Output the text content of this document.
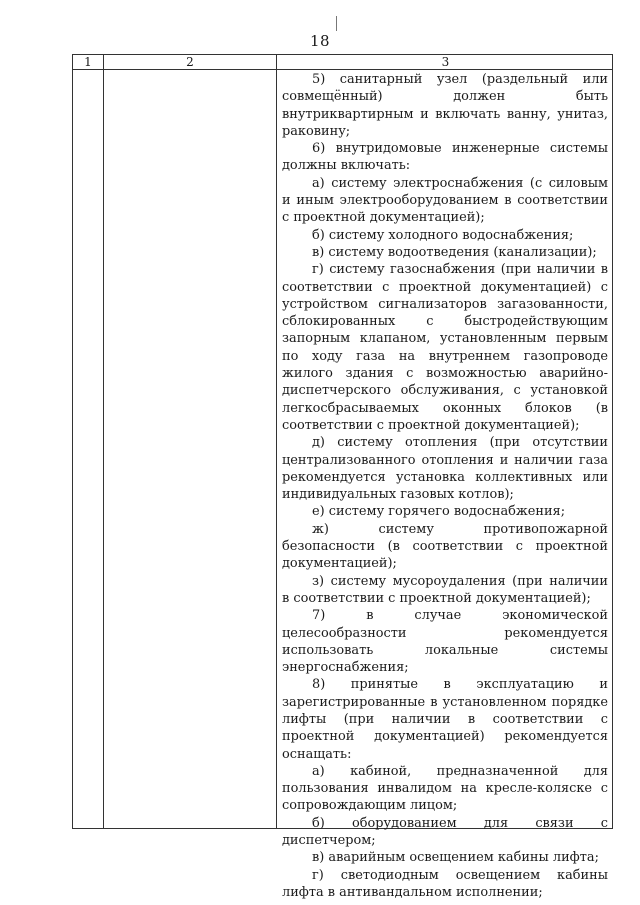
18
1	2	3

5) санитарный узел (раздельный или совмещённый) должен быть внутриквартирным и включать ванну, унитаз, раковину;

6) внутридомовые инженерные системы должны включать:

а) систему электроснабжения (с силовым и иным электрооборудованием в соответствии с проектной документацией);

б) систему холодного водоснабжения;

в) систему водоотведения (канализации);

г) систему газоснабжения (при наличии в соответствии с проектной документацией) с устройством сигнализаторов загазованности, сблокированных с быстродействующим запорным клапаном, установленным первым по ходу газа на внутреннем газопроводе жилого здания с возможностью аварийно-диспетчерского обслуживания, с установкой легкосбрасываемых оконных блоков (в соответствии с проектной документацией);

д) систему отопления (при отсутствии централизованного отопления и наличии газа рекомендуется установка коллективных или индивидуальных газовых котлов);

е) систему горячего водоснабжения;

ж) систему противопожарной безопасности (в соответствии с проектной документацией);

з) систему мусороудаления (при наличии в соответствии с проектной документацией);

7) в случае экономической целесообразности рекомендуется использовать локальные системы энергоснабжения;

8) принятые в эксплуатацию и зарегистрированные в установленном порядке лифты (при наличии в соответствии с проектной документацией) рекомендуется оснащать:

а) кабиной, предназначенной для пользования инвалидом на кресле-коляске с сопровождающим лицом;

б) оборудованием для связи с диспетчером;

в) аварийным освещением кабины лифта;

г) светодиодным освещением кабины лифта в антивандальном исполнении;
